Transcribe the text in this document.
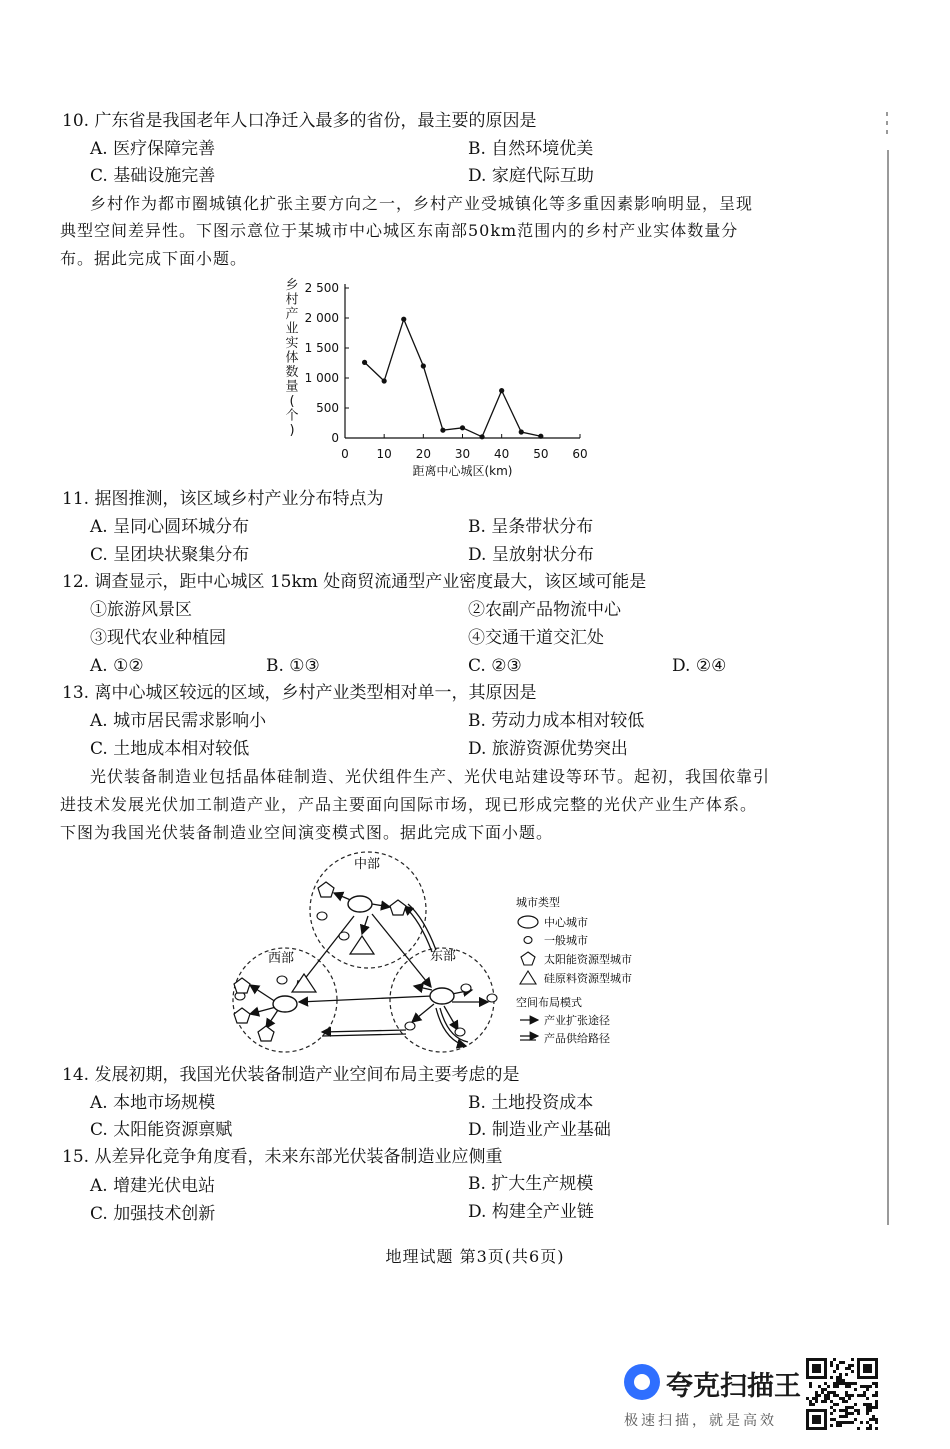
10. 广东省是我国老年人口净迁入最多的省份，最主要的原因是
A. 医疗保障完善	B. 自然环境优美
C. 基础设施完善	D. 家庭代际互助
乡村作为都市圈城镇化扩张主要方向之一，乡村产业受城镇化等多重因素影响明显，呈现
典型空间差异性。下图示意位于某城市中心城区东南部50km范围内的乡村产业实体数量分
布。据此完成下面小题。
0
500
1 000
1 500
2 000
2 500
0 10 20 30 40 50 60
乡村产业实体数量(个)
距离中心城区(km)
11. 据图推测，该区域乡村产业分布特点为
A. 呈同心圆环城分布	B. 呈条带状分布
C. 呈团块状聚集分布	D. 呈放射状分布
12. 调查显示，距中心城区 15km 处商贸流通型产业密度最大，该区域可能是
①旅游风景区	②农副产品物流中心
③现代农业种植园	④交通干道交汇处
A. ①②	B. ①③	C. ②③	D. ②④
13. 离中心城区较远的区域，乡村产业类型相对单一，其原因是
A. 城市居民需求影响小	B. 劳动力成本相对较低
C. 土地成本相对较低	D. 旅游资源优势突出
光伏装备制造业包括晶体硅制造、光伏组件生产、光伏电站建设等环节。起初，我国依靠引
进技术发展光伏加工制造产业，产品主要面向国际市场，现已形成完整的光伏产业生产体系。
下图为我国光伏装备制造业空间演变模式图。据此完成下面小题。
中部
西部	东部
城市类型
中心城市
一般城市
太阳能资源型城市
硅原料资源型城市
空间布局模式
产业扩张途径
产品供给路径
14. 发展初期，我国光伏装备制造产业空间布局主要考虑的是
A. 本地市场规模	B. 土地投资成本
C. 太阳能资源禀赋	D. 制造业产业基础
15. 从差异化竞争角度看，未来东部光伏装备制造业应侧重
A. 增建光伏电站	B. 扩大生产规模
C. 加强技术创新	D. 构建全产业链
地理试题 第3页(共6页)
夸克扫描王
极速扫描，就是高效
